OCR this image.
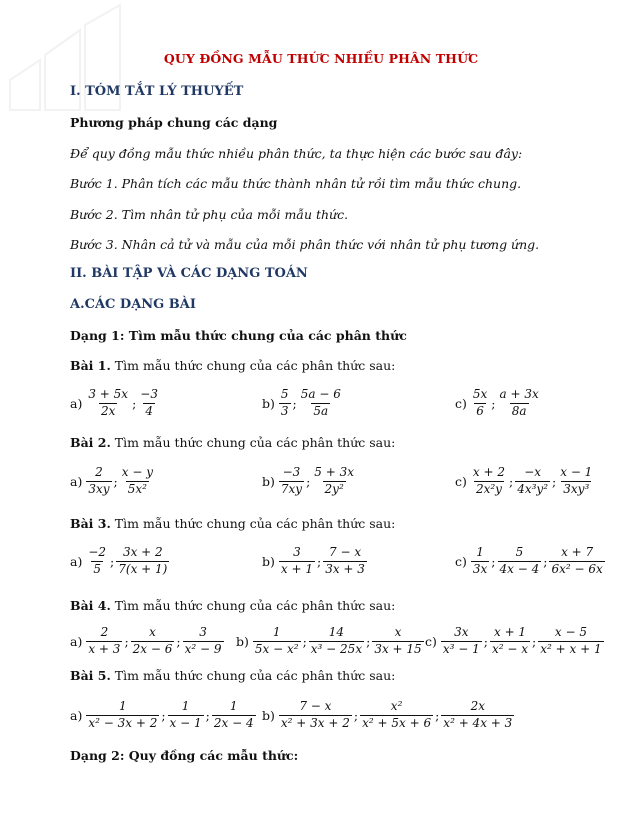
QUY ĐỒNG MẪU THỨC NHIỀU PHÂN THỨC
I. TÓM TẮT LÝ THUYẾT
Phương pháp chung các dạng
Để quy đồng mẫu thức nhiều phân thức, ta thực hiện các bước sau đây:
Bước 1. Phân tích các mẫu thức thành nhân tử rồi tìm mẫu thức chung.
Bước 2. Tìm nhân tử phụ của mỗi mẫu thức.
Bước 3. Nhân cả tử và mẫu của mỗi phân thức với nhân tử phụ tương ứng.
II. BÀI TẬP VÀ CÁC DẠNG TOÁN
A.CÁC DẠNG BÀI
Dạng 1: Tìm mẫu thức chung của các phân thức
Bài 1. Tìm mẫu thức chung của các phân thức sau:
Bài 2. Tìm mẫu thức chung của các phân thức sau:
Bài 3. Tìm mẫu thức chung của các phân thức sau:
Bài 4. Tìm mẫu thức chung của các phân thức sau:
Bài 5. Tìm mẫu thức chung của các phân thức sau:
$a) \frac{3 + 5x}{2x}$ ; $\frac{-3}{4}$	$b) \frac{5}{3}$ ; $\frac{5a - 6}{5a}$	$c) \frac{5x}{6}$ ; $\frac{a + 3x}{8a}$
$a) \frac{2}{3xy}$ ; $\frac{x - y}{\text{5x²}}$	$b) \frac{-3}{7xy}$ ; $\frac{5 + 3x}{\text{2y²}}$	$c) \frac{x + 2}{\text{2x²y}}$ ; $\frac{-x}{\text{4x³y²}}$ ; $\frac{x - 1}{\text{3xy³}}$
$a) \frac{-2}{5}$ ; $\frac{3x + 2}{7(x + 1)}$	$b) \frac{3}{x + 1}$ ; $\frac{7 - x}{3x + 3}$	$c) \frac{1}{3x}$ ; $\frac{5}{4x - 4}$ ; $\frac{x + 7}{\text{6x² − 6x}}$
$a) \frac{2}{x + 3}$ ; $\frac{x}{2x - 6}$ ; $\frac{3}{\text{x² − 9}} b) \frac{1}{\text{5x − x²}}$ ; $\frac{14}{\text{x³ − 25x}}$ ; $\frac{x}{3x + 15} c) \frac{3x}{\text{x³ − 1}}$ ; $\frac{x + 1}{\text{x² − x}}$ ; $\frac{x - 5}{\text{x² + x + 1}}$
$a) \frac{1}{\text{x² − 3x + 2}}$ ; $\frac{1}{x - 1}$ ; $\frac{1}{2x - 4} b) \frac{7 - x}{\text{x² + 3x + 2}}$ ; $\frac{\text{x²}}{\text{x² + 5x + 6}}$ ; $\frac{2x}{\text{x² + 4x + 3}}$
Dạng 2: Quy đồng các mẫu thức:
